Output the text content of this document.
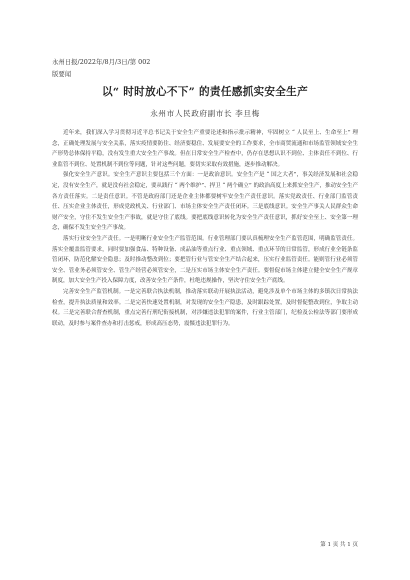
永州日报/2022年/8月/3日/第 002
版要闻
以“ 时时放心不下” 的责任感抓实安全生产
永州市人民政府副市长 李旦梅

近年来，我们深入学习贯彻习近平总书记关于安全生产重要论述和指示批示精神，牢固树立 “ 人民至上、生命至上” 理念，正确处理发展与安全关系，落实疫情要防住、经济要稳住、发展要安全的工作要求，全市商贸流通和市场监管领域安全生产形势总体保持平稳，没有发生重大安全生产事故。但在日常安全生产检查中，仍存在思想认识不到位、主体责任不到位、行业监管不到位、处置机制不到位等问题，针对这些问题，要切实采取有效措施，逐步推动解决。

强化安全生产意识。安全生产意识主要包括三个方面：一是政治意识。安全生产是 “ 国之大者”，事关经济发展和社会稳定，没有安全生产，就是没有社会稳定，要从践行 “ 两个维护”、捍卫 “ 两个确立” 的政治高度上来抓安全生产，推动安全生产各方责任落实。二是责任意识。不管是政府部门还是企业主体都要树牢安全生产责任意识。落实党政责任、行业部门监管责任、压实企业主体责任，形成党政机关、行业部门、市场主体安全生产责任闭环。三是底线意识。安全生产事关人民群众生命财产安全，守住不发生安全生产事故，就是守住了底线。要把底线意识转化为安全生产责任意识，抓好安全至上、安全第一理念，确保不发生安全生产事故。

落实行业安全生产责任。一是明晰行业安全生产监管范围。行业管理部门要认真梳理安全生产监管范围，明确监管责任。落实全覆盖监管要求，同时要加强食品、特种设备、成品油等重点行业、重点领域、重点环节的日常监管，形成行业全链条监管闭环，防范化解安全隐患；及时推动整改到位；要把管行业与管安全生产结合起来，压实行业监管责任。能则管行业必须管安全、管业务必须管安全、管生产经营必须管安全，二是压实市场主体安全生产责任。要督促市场主体建立健全安全生产规章制度，加大安全生产投入保障力度，改善安全生产条件，杜绝违规操作，坚决守住安全生产底线。

完善安全生产监管机制。一是完善联合执法机制，推动落实联动开展执法活动，避免涉及单个市场主体的多镇次日常执法检查，提升执法质量和效率。二是完善快速处置机制，对发现的安全生产隐患，及时跟踪处置，及时督促整改到位，争取主动权。三是完善联合督查机制，重点完善行刑纪衔接机制，对涉嫌违法犯罪的案件，行业主管部门，纪检及公检法等部门要形成联动，及时参与案件查办和打击惩戒，形成高压态势，震慑违法犯罪行为。

第 1 页 共 1 页
